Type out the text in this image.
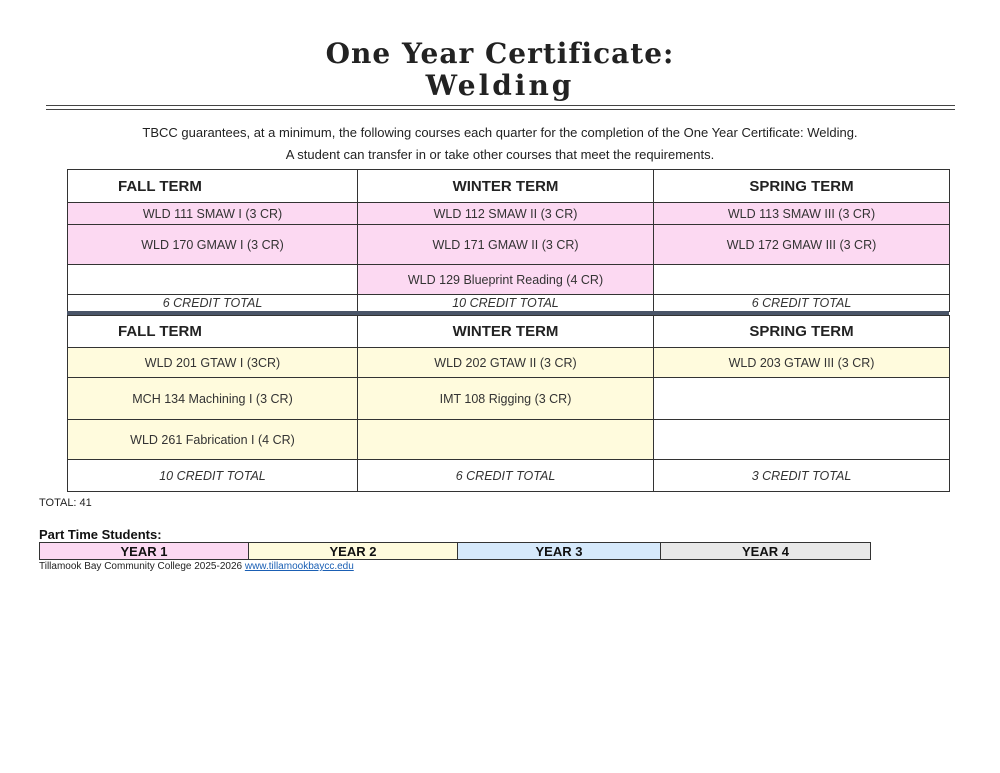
One Year Certificate:
Welding
TBCC guarantees, at a minimum, the following courses each quarter for the completion of the One Year Certificate: Welding.
A student can transfer in or take other courses that meet the requirements.
FALL TERM	WINTER TERM	SPRING TERM
WLD 111 SMAW I (3 CR)	WLD 112 SMAW II (3 CR)	WLD 113 SMAW III (3 CR)
WLD 170 GMAW I (3 CR)	WLD 171 GMAW II (3 CR)	WLD 172 GMAW III (3 CR)
	WLD 129 Blueprint Reading (4 CR)	
6 CREDIT TOTAL	10 CREDIT TOTAL	6 CREDIT TOTAL
FALL TERM	WINTER TERM	SPRING TERM
WLD 201 GTAW I (3CR)	WLD 202 GTAW II (3 CR)	WLD 203 GTAW III (3 CR)
MCH 134 Machining I (3 CR)	IMT 108 Rigging (3 CR)	
WLD 261 Fabrication I (4 CR)		
10 CREDIT TOTAL	6 CREDIT TOTAL	3 CREDIT TOTAL
TOTAL: 41
Part Time Students:
YEAR 1	YEAR 2	YEAR 3	YEAR 4
Tillamook Bay Community College 2025-2026 www.tillamookbaycc.edu
